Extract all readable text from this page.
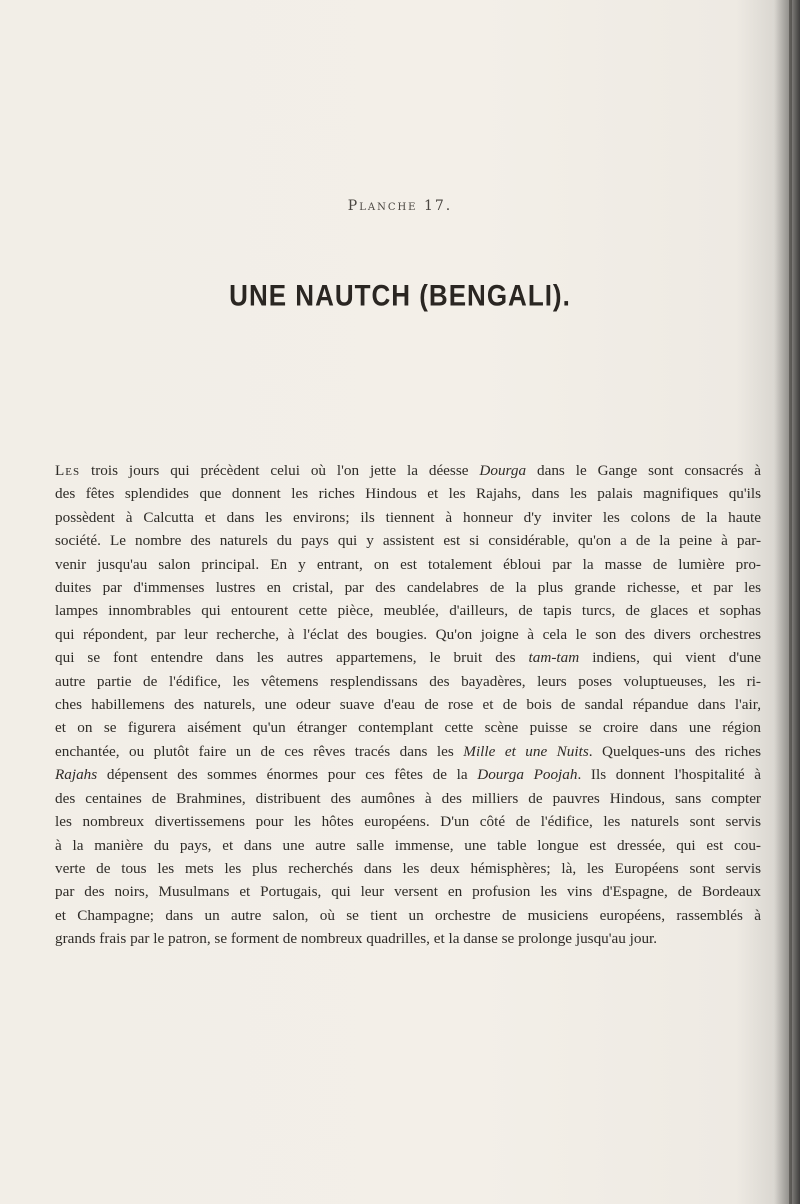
Planche 17.
UNE NAUTCH (BENGALI).
Les trois jours qui précèdent celui où l'on jette la déesse Dourga dans le Gange sont consacrés à
des fêtes splendides que donnent les riches Hindous et les Rajahs, dans les palais magnifiques qu'ils
possèdent à Calcutta et dans les environs; ils tiennent à honneur d'y inviter les colons de la haute
société. Le nombre des naturels du pays qui y assistent est si considérable, qu'on a de la peine à par-
venir jusqu'au salon principal. En y entrant, on est totalement ébloui par la masse de lumière pro-
duites par d'immenses lustres en cristal, par des candelabres de la plus grande richesse, et par les
lampes innombrables qui entourent cette pièce, meublée, d'ailleurs, de tapis turcs, de glaces et sophas
qui répondent, par leur recherche, à l'éclat des bougies. Qu'on joigne à cela le son des divers orchestres
qui se font entendre dans les autres appartemens, le bruit des tam-tam indiens, qui vient d'une
autre partie de l'édifice, les vêtemens resplendissans des bayadères, leurs poses voluptueuses, les ri-
ches habillemens des naturels, une odeur suave d'eau de rose et de bois de sandal répandue dans l'air,
et on se figurera aisément qu'un étranger contemplant cette scène puisse se croire dans une région
enchantée, ou plutôt faire un de ces rêves tracés dans les Mille et une Nuits. Quelques-uns des riches
Rajahs dépensent des sommes énormes pour ces fêtes de la Dourga Poojah. Ils donnent l'hospitalité à
des centaines de Brahmines, distribuent des aumônes à des milliers de pauvres Hindous, sans compter
les nombreux divertissemens pour les hôtes européens. D'un côté de l'édifice, les naturels sont servis
à la manière du pays, et dans une autre salle immense, une table longue est dressée, qui est cou-
verte de tous les mets les plus recherchés dans les deux hémisphères; là, les Européens sont servis
par des noirs, Musulmans et Portugais, qui leur versent en profusion les vins d'Espagne, de Bordeaux
et Champagne; dans un autre salon, où se tient un orchestre de musiciens européens, rassemblés à
grands frais par le patron, se forment de nombreux quadrilles, et la danse se prolonge jusqu'au jour.
